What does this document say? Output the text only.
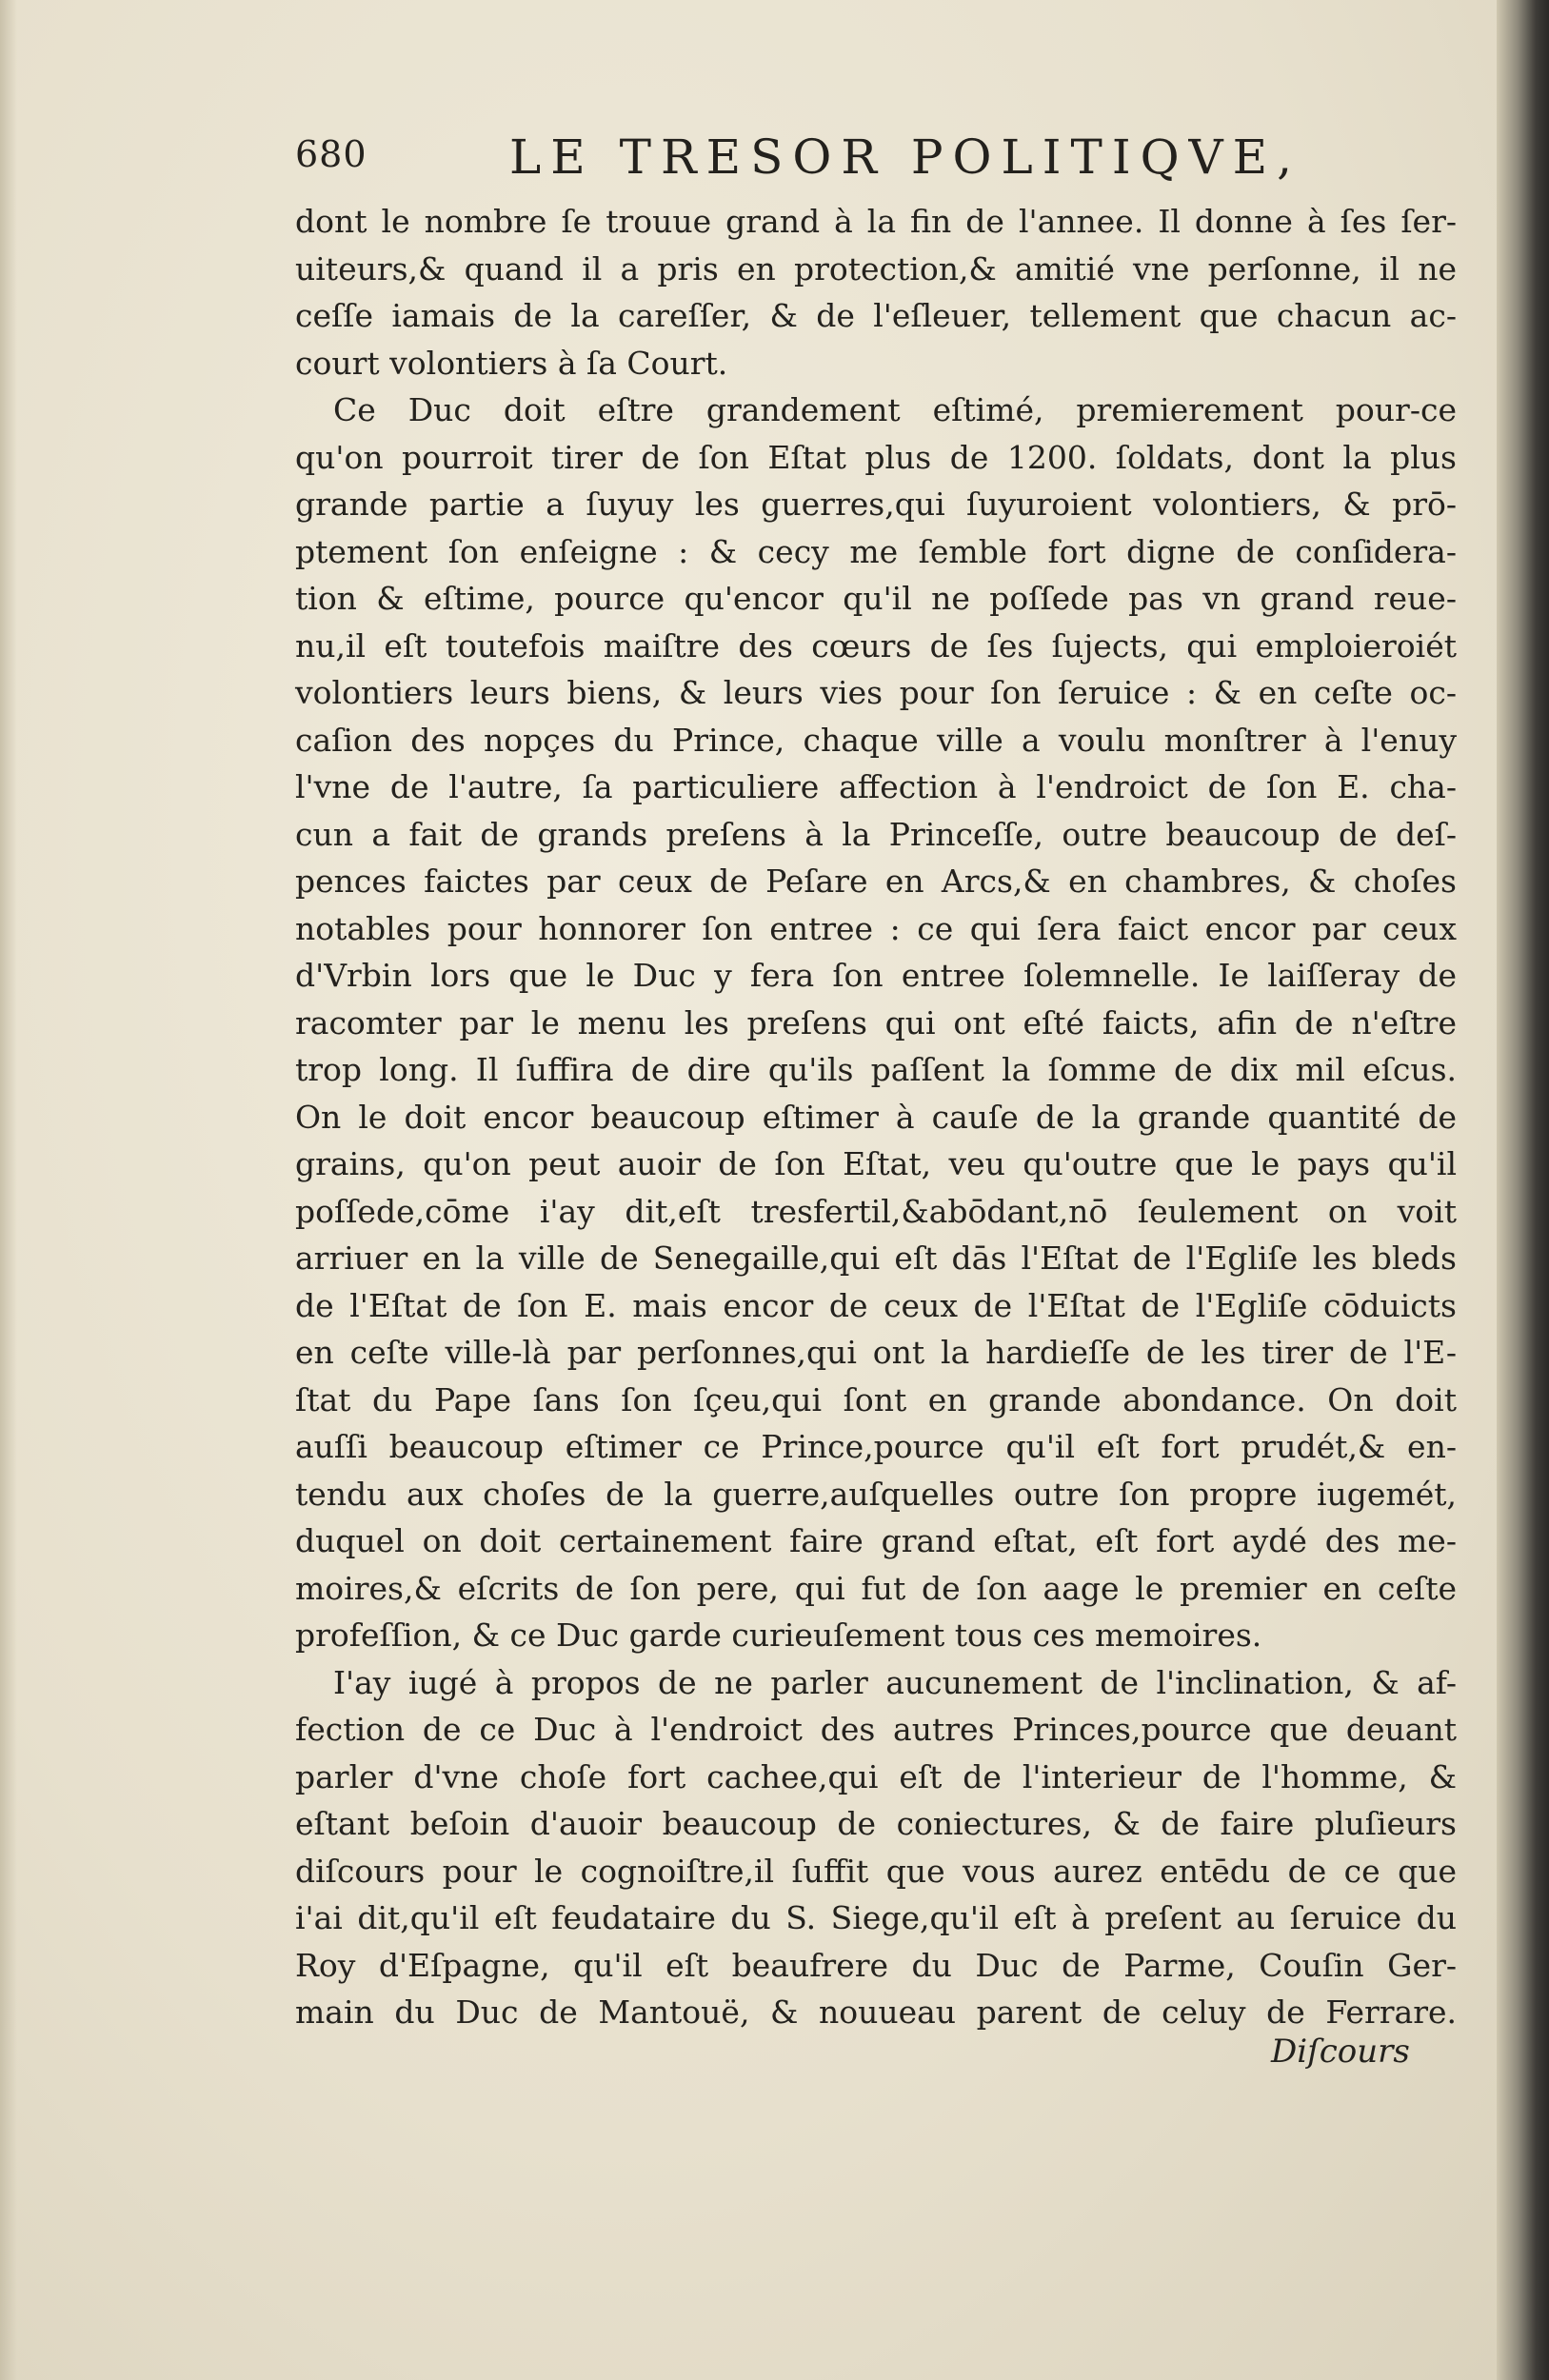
680	LE TRESOR POLITIQVE,
dont le nombre ſe trouue grand à la fin de l'annee. Il donne à ſes ſer-
uiteurs,& quand il a pris en protection,& amitié vne perſonne, il ne
ceſſe iamais de la careſſer, & de l'eſleuer, tellement que chacun ac-
court volontiers à ſa Court.
Ce Duc doit eſtre grandement eſtimé, premierement pour-ce
qu'on pourroit tirer de ſon Eſtat plus de 1200. ſoldats, dont la plus
grande partie a ſuyuy les guerres,qui ſuyuroient volontiers, & prō-
ptement ſon enſeigne : & cecy me ſemble fort digne de conſidera-
tion & eſtime, pource qu'encor qu'il ne poſſede pas vn grand reue-
nu,il eſt toutefois maiſtre des cœurs de ſes ſujects, qui emploieroiét
volontiers leurs biens, & leurs vies pour ſon ſeruice : & en ceſte oc-
caſion des nopçes du Prince, chaque ville a voulu monſtrer à l'enuy
l'vne de l'autre, ſa particuliere affection à l'endroict de ſon E. cha-
cun a fait de grands preſens à la Princeſſe, outre beaucoup de deſ-
pences faictes par ceux de Peſare en Arcs,& en chambres, & choſes
notables pour honnorer ſon entree : ce qui ſera faict encor par ceux
d'Vrbin lors que le Duc y fera ſon entree ſolemnelle. Ie laiſſeray de
racomter par le menu les preſens qui ont eſté faicts, afin de n'eſtre
trop long. Il ſuffira de dire qu'ils paſſent la ſomme de dix mil eſcus.
On le doit encor beaucoup eſtimer à cauſe de la grande quantité de
grains, qu'on peut auoir de ſon Eſtat, veu qu'outre que le pays qu'il
poſſede,cōme i'ay dit,eſt tresfertil,&abōdant,nō ſeulement on voit
arriuer en la ville de Senegaille,qui eſt dās l'Eſtat de l'Egliſe les bleds
de l'Eſtat de ſon E. mais encor de ceux de l'Eſtat de l'Egliſe cōduicts
en ceſte ville-là par perſonnes,qui ont la hardieſſe de les tirer de l'E-
ſtat du Pape ſans ſon ſçeu,qui ſont en grande abondance. On doit
auſſi beaucoup eſtimer ce Prince,pource qu'il eſt fort prudét,& en-
tendu aux choſes de la guerre,auſquelles outre ſon propre iugemét,
duquel on doit certainement faire grand eſtat, eſt fort aydé des me-
moires,& eſcrits de ſon pere, qui fut de ſon aage le premier en ceſte
profeſſion, & ce Duc garde curieuſement tous ces memoires.
I'ay iugé à propos de ne parler aucunement de l'inclination, & af-
fection de ce Duc à l'endroict des autres Princes,pource que deuant
parler d'vne choſe fort cachee,qui eſt de l'interieur de l'homme, &
eſtant beſoin d'auoir beaucoup de coniectures, & de faire pluſieurs
diſcours pour le cognoiſtre,il ſuffit que vous aurez entēdu de ce que
i'ai dit,qu'il eſt feudataire du S. Siege,qu'il eſt à preſent au ſeruice du
Roy d'Eſpagne, qu'il eſt beaufrere du Duc de Parme, Couſin Ger-
main du Duc de Mantouë, & nouueau parent de celuy de Ferrare.
Diſcours
